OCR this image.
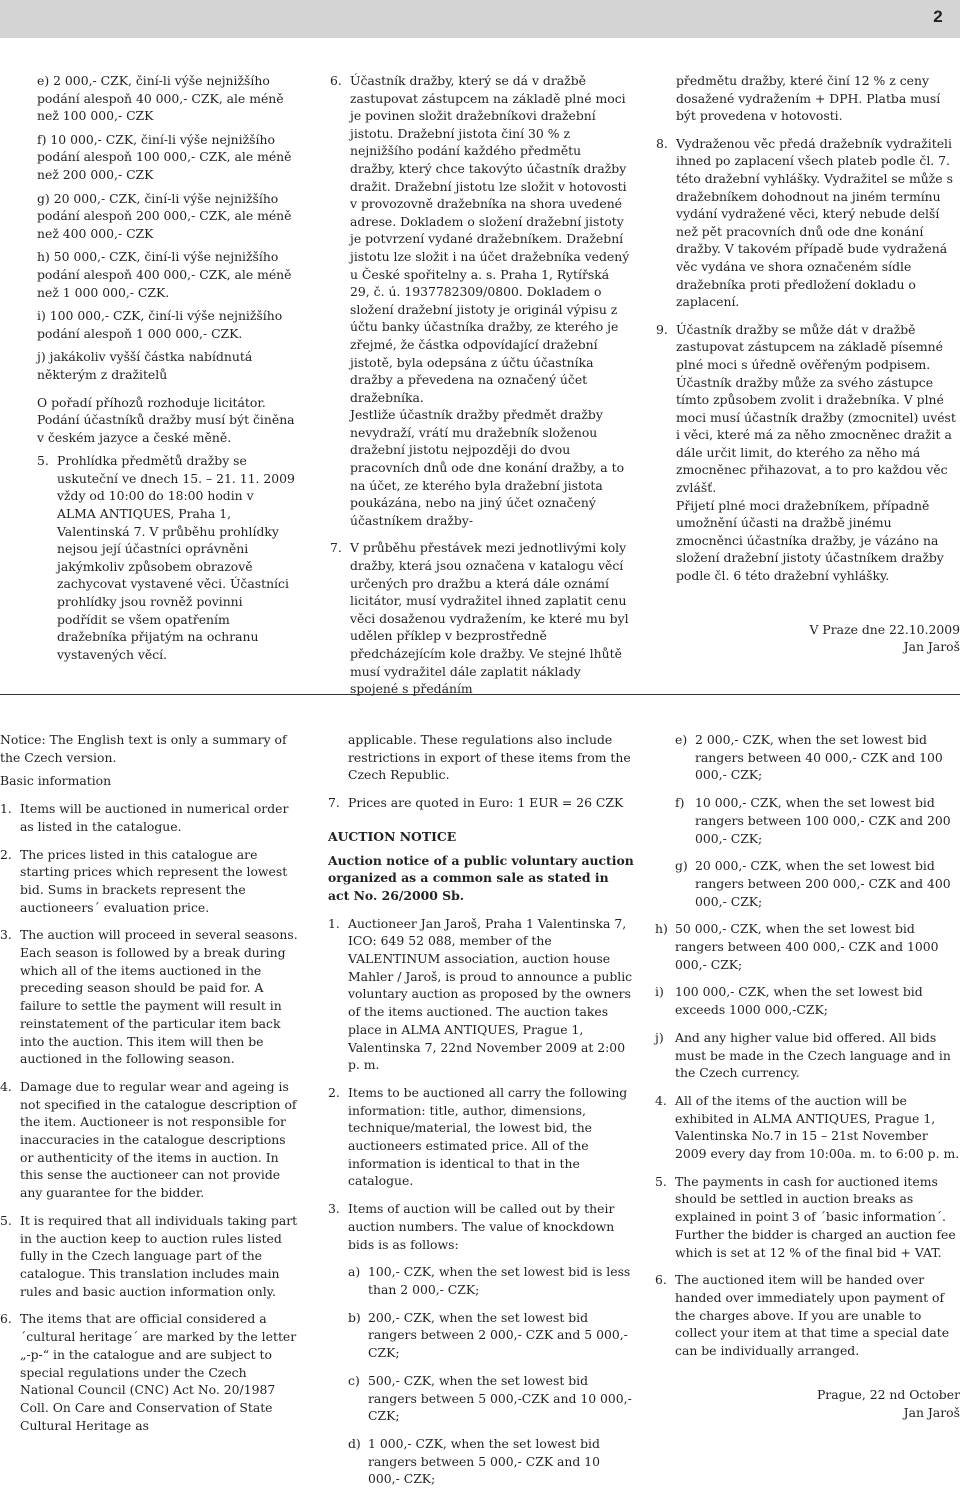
2

e) 2 000,- CZK, činí-li výše nejnižšího podání alespoň 40 000,- CZK, ale méně než 100 000,- CZK

f) 10 000,- CZK, činí-li výše nejnižšího podání alespoň 100 000,- CZK, ale méně než 200 000,- CZK

g) 20 000,- CZK, činí-li výše nejnižšího podání alespoň 200 000,- CZK, ale méně než 400 000,- CZK

h) 50 000,- CZK, činí-li výše nejnižšího podání alespoň 400 000,- CZK, ale méně než 1 000 000,- CZK.

i) 100 000,- CZK, činí-li výše nejnižšího podání alespoň 1 000 000,- CZK.

j) jakákoliv vyšší částka nabídnutá některým z dražitelů

O pořadí příhozů rozhoduje licitátor. Podání účastníků dražby musí být činěna v českém jazyce a české měně.

5. Prohlídka předmětů dražby se uskuteční ve dnech 15. – 21. 11. 2009 vždy od 10:00 do 18:00 hodin v ALMA ANTIQUES, Praha 1, Valentinská 7. V průběhu prohlídky nejsou její účastníci oprávněni jakýmkoliv způsobem obrazově zachycovat vystavené věci. Účastníci prohlídky jsou rovněž povinni podřídit se všem opatřením dražebníka přijatým na ochranu vystavených věcí.
6. Účastník dražby, který se dá v dražbě zastupovat zástupcem na základě plné moci je povinen složit dražebníkovi dražební jistotu. Dražební jistota činí 30 % z nejnižšího podání každého předmětu dražby, který chce takovýto účastník dražby dražit. Dražební jistotu lze složit v hotovosti v provozovně dražebníka na shora uvedené adrese. Dokladem o složení dražební jistoty je potvrzení vydané dražebníkem. Dražební jistotu lze složit i na účet dražebníka vedený u České spořitelny a. s. Praha 1, Rytířská 29, č. ú. 1937782309/0800. Dokladem o složení dražební jistoty je originál výpisu z účtu banky účastníka dražby, ze kterého je zřejmé, že částka odpovídající dražební jistotě, byla odepsána z účtu účastníka dražby a převedena na označený účet dražebníka.

Jestliže účastník dražby předmět dražby nevydraží, vrátí mu dražebník složenou dražební jistotu nejpozději do dvou pracovních dnů ode dne konání dražby, a to na účet, ze kterého byla dražební jistota poukázána, nebo na jiný účet označený účastníkem dražby-

7. V průběhu přestávek mezi jednotlivými koly dražby, která jsou označena v katalogu věcí určených pro dražbu a která dále oznámí licitátor, musí vydražitel ihned zaplatit cenu věci dosaženou vydražením, ke které mu byl udělen příklep v bezprostředně předcházejícím kole dražby. Ve stejné lhůtě musí vydražitel dále zaplatit náklady spojené s předáním

předmětu dražby, které činí 12 % z ceny dosažené vydražením + DPH. Platba musí být provedena v hotovosti.

8. Vydraženou věc předá dražebník vydražiteli ihned po zaplacení všech plateb podle čl. 7. této dražební vyhlášky. Vydražitel se může s dražebníkem dohodnout na jiném termínu vydání vydražené věci, který nebude delší než pět pracovních dnů ode dne konání dražby. V takovém případě bude vydražená věc vydána ve shora označeném sídle dražebníka proti předložení dokladu o zaplacení.
9. Účastník dražby se může dát v dražbě zastupovat zástupcem na základě písemné plné moci s úředně ověřeným podpisem. Účastník dražby může za svého zástupce tímto způsobem zvolit i dražebníka. V plné moci musí účastník dražby (zmocnitel) uvést i věci, které má za něho zmocněnec dražit a dále určit limit, do kterého za něho má zmocněnec přihazovat, a to pro každou věc zvlášť.

Přijetí plné moci dražebníkem, případně umožnění účasti na dražbě jinému zmocněnci účastníka dražby, je vázáno na složení dražební jistoty účastníkem dražby podle čl. 6 této dražební vyhlášky.

V Praze dne 22.10.2009

Jan Jaroš

Notice: The English text is only a summary of the Czech version.

Basic information

1. Items will be auctioned in numerical order as listed in the catalogue.
2. The prices listed in this catalogue are starting prices which represent the lowest bid. Sums in brackets represent the auctioneers´ evaluation price.
3. The auction will proceed in several seasons. Each season is followed by a break during which all of the items auctioned in the preceding season should be paid for. A failure to settle the payment will result in reinstatement of the particular item back into the auction. This item will then be auctioned in the following season.
4. Damage due to regular wear and ageing is not specified in the catalogue description of the item. Auctioneer is not responsible for inaccuracies in the catalogue descriptions or authenticity of the items in auction. In this sense the auctioneer can not provide any guarantee for the bidder.
5. It is required that all individuals taking part in the auction keep to auction rules listed fully in the Czech language part of the catalogue. This translation includes main rules and basic auction information only.
6. The items that are official considered a ´cultural heritage´ are marked by the letter „-p-“ in the catalogue and are subject to special regulations under the Czech National Council (CNC) Act No. 20/1987 Coll. On Care and Conservation of State Cultural Heritage as

applicable. These regulations also include restrictions in export of these items from the Czech Republic.

7. Prices are quoted in Euro: 1 EUR = 26 CZK

AUCTION NOTICE

Auction notice of a public voluntary auction organized as a common sale as stated in act No. 26/2000 Sb.

1. Auctioneer Jan Jaroš, Praha 1 Valentinska 7, ICO: 649 52 088, member of the VALENTINUM association, auction house Mahler / Jaroš, is proud to announce a public voluntary auction as proposed by the owners of the items auctioned. The auction takes place in ALMA ANTIQUES, Prague 1, Valentinska 7, 22nd November 2009 at 2:00 p. m.
2. Items to be auctioned all carry the following information: title, author, dimensions, technique/material, the lowest bid, the auctioneers estimated price. All of the information is identical to that in the catalogue.
3. Items of auction will be called out by their auction numbers. The value of knockdown bids is as follows:
a) 100,- CZK, when the set lowest bid is less than 2 000,- CZK;
b) 200,- CZK, when the set lowest bid rangers between 2 000,- CZK and 5 000,- CZK;
c) 500,- CZK, when the set lowest bid rangers between 5 000,-CZK and 10 000,- CZK;
d) 1 000,- CZK, when the set lowest bid rangers between 5 000,- CZK and 10 000,- CZK;
e) 2 000,- CZK, when the set lowest bid rangers between 40 000,- CZK and 100 000,- CZK;
f) 10 000,- CZK, when the set lowest bid rangers between 100 000,- CZK and 200 000,- CZK;
g) 20 000,- CZK, when the set lowest bid rangers between 200 000,- CZK and 400 000,- CZK;
h) 50 000,- CZK, when the set lowest bid rangers between 400 000,- CZK and 1000 000,- CZK;
i) 100 000,- CZK, when the set lowest bid exceeds 1000 000,-CZK;
j) And any higher value bid offered. All bids must be made in the Czech language and in the Czech currency.
4. All of the items of the auction will be exhibited in ALMA ANTIQUES, Prague 1, Valentinska No.7 in 15 – 21st November 2009 every day from 10:00a. m. to 6:00 p. m.
5. The payments in cash for auctioned items should be settled in auction breaks as explained in point 3 of ´basic information´. Further the bidder is charged an auction fee which is set at 12 % of the final bid + VAT.
6. The auctioned item will be handed over handed over immediately upon payment of the charges above. If you are unable to collect your item at that time a special date can be individually arranged.

Prague, 22 nd October

Jan Jaroš
